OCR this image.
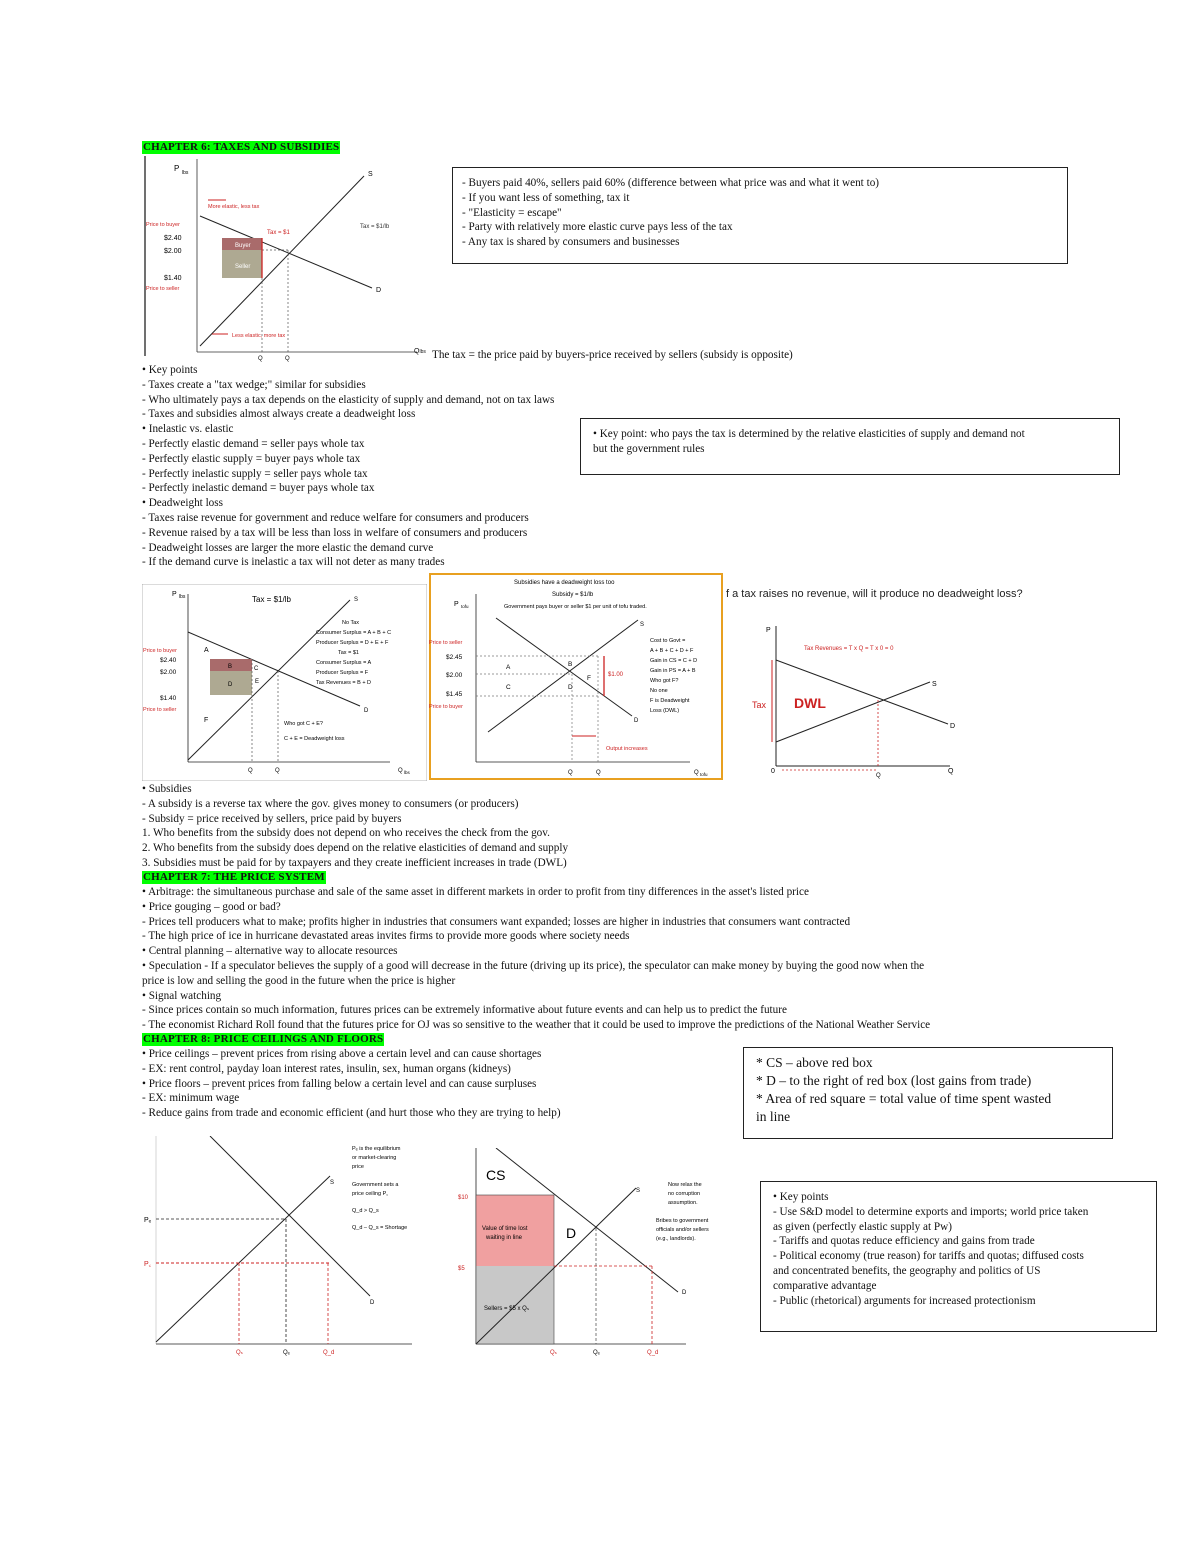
CHAPTER 6: TAXES AND SUBSIDIES
P lbs	S
D
Buyer
Seller
Tax = $1
Tax = $1/lb
More elastic, less tax
Less elastic, more tax
Price to buyer
$2.40
$2.00
$1.40
Price to seller
Q	Q
Qlbs
- Buyers paid 40%, sellers paid 60% (difference between what price was and what it went to)
- If you want less of something, tax it
- "Elasticity = escape"
- Party with relatively more elastic curve pays less of the tax
- Any tax is shared by consumers and businesses
The tax = the price paid by buyers-price received by sellers (subsidy is opposite)
• Key points
- Taxes create a "tax wedge;" similar for subsidies
- Who ultimately pays a tax depends on the elasticity of supply and demand, not on tax laws
- Taxes and subsidies almost always create a deadweight loss
• Inelastic vs. elastic
- Perfectly elastic demand = seller pays whole tax
- Perfectly elastic supply = buyer pays whole tax
- Perfectly inelastic supply = seller pays whole tax
- Perfectly inelastic demand = buyer pays whole tax
• Deadweight loss
- Taxes raise revenue for government and reduce welfare for consumers and producers
- Revenue raised by a tax will be less than loss in welfare of consumers and producers
- Deadweight losses are larger the more elastic the demand curve
- If the demand curve is inelastic a tax will not deter as many trades
• Key point: who pays the tax is determined by the relative elasticities of supply and demand not
but the government rules
P lbs	Tax = $1/lb	S
D
A
B	C
D	E
F
Price to buyer
$2.40
$2.00
$1.40
Price to seller
No Tax
Consumer Surplus = A + B + C
Producer Surplus = D + E + F
Tax = $1
Consumer Surplus = A
Producer Surplus = F
Tax Revenues = B + D
Who got C + E?
C + E = Deadweight loss
Q	Q	Q lbs
Subsidies have a deadweight loss too
Subsidy = $1/lb
Government pays buyer or seller $1 per unit of tofu traded.
P tofu
S
D
$1.00
A	B
C	D
F
Price to seller
$2.45
$2.00
$1.45
Price to buyer
Cost to Govt =
A + B + C + D + F
Gain in CS = C + D
Gain in PS = A + B
Who got F?
No one
F is Deadweight
Loss (DWL)
Output increases
Q	Q	Q tofu
f a tax raises no revenue, will it produce no deadweight loss?
P
S
D
Tax Revenues = T x Q = T x 0 = 0
Tax DWL
0
Q
Q
• Subsidies
- A subsidy is a reverse tax where the gov. gives money to consumers (or producers)
- Subsidy = price received by sellers, price paid by buyers
1. Who benefits from the subsidy does not depend on who receives the check from the gov.
2. Who benefits from the subsidy does depend on the relative elasticities of demand and supply
3. Subsidies must be paid for by taxpayers and they create inefficient increases in trade (DWL)
CHAPTER 7: THE PRICE SYSTEM
• Arbitrage: the simultaneous purchase and sale of the same asset in different markets in order to profit from tiny differences in the asset's listed price
• Price gouging – good or bad?
- Prices tell producers what to make; profits higher in industries that consumers want expanded; losses are higher in industries that consumers want contracted
- The high price of ice in hurricane devastated areas invites firms to provide more goods where society needs
• Central planning – alternative way to allocate resources
• Speculation - If a speculator believes the supply of a good will decrease in the future (driving up its price), the speculator can make money by buying the good now when the
price is low and selling the good in the future when the price is higher
• Signal watching
- Since prices contain so much information, futures prices can be extremely informative about future events and can help us to predict the future
- The economist Richard Roll found that the futures price for OJ was so sensitive to the weather that it could be used to improve the predictions of the National Weather Service
CHAPTER 8: PRICE CEILINGS AND FLOORS
• Price ceilings – prevent prices from rising above a certain level and can cause shortages
- EX: rent control, payday loan interest rates, insulin, sex, human organs (kidneys)
• Price floors – prevent prices from falling below a certain level and can cause surpluses
- EX: minimum wage
- Reduce gains from trade and economic efficient (and hurt those who they are trying to help)
* CS – above red box
* D – to the right of red box (lost gains from trade)
* Area of red square = total value of time spent wasted
in line
S
D
Pₑ
P꜀
Qₛ	Qₑ	Q_d
Pₑ is the equilibrium
or market-clearing
price
Government sets a
price ceiling P꜀
Q_d > Q_s
Q_d – Q_s = Shortage
S
D
CS
D
$10
$5
Value of time lost
waiting in line
Sellers = $5 x Qₛ
Now relax the
no corruption
assumption.
Bribes to government
officials and/or sellers
(e.g., landlords).
Qₛ	Qₑ	Q_d
• Key points
- Use S&D model to determine exports and imports; world price taken
as given (perfectly elastic supply at Pw)
- Tariffs and quotas reduce efficiency and gains from trade
- Political economy (true reason) for tariffs and quotas; diffused costs
and concentrated benefits, the geography and politics of US
comparative advantage
- Public (rhetorical) arguments for increased protectionism
